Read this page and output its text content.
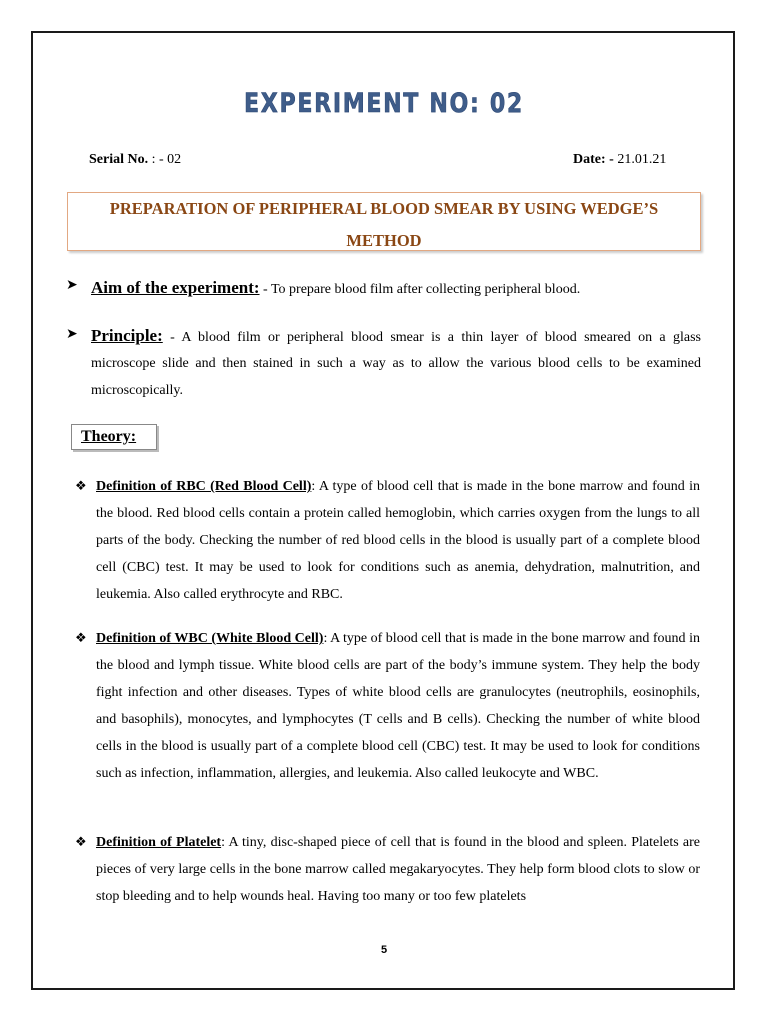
EXPERIMENT NO: 02
Serial No. : - 02	Date: - 21.01.21
PREPARATION OF PERIPHERAL BLOOD SMEAR BY USING WEDGE’S
METHOD
➤ Aim of the experiment: - To prepare blood film after collecting peripheral blood.
➤ Principle: - A blood film or peripheral blood smear is a thin layer of blood smeared on a glass
microscope slide and then stained in such a way as to allow the various blood cells to be examined
microscopically.
Theory:
❖ Definition of RBC (Red Blood Cell): A type of blood cell that is made in the bone marrow and found in the blood. Red blood cells contain a protein called hemoglobin, which carries oxygen from the lungs to all parts of the body. Checking the number of red blood cells in the blood is usually part of a complete blood cell (CBC) test. It may be used to look for conditions such as anemia, dehydration, malnutrition, and leukemia. Also called erythrocyte and RBC.
❖ Definition of WBC (White Blood Cell): A type of blood cell that is made in the bone marrow and found in the blood and lymph tissue. White blood cells are part of the body’s immune system. They help the body fight infection and other diseases. Types of white blood cells are granulocytes (neutrophils, eosinophils, and basophils), monocytes, and lymphocytes (T cells and B cells). Checking the number of white blood cells in the blood is usually part of a complete blood cell (CBC) test. It may be used to look for conditions such as infection, inflammation, allergies, and leukemia. Also called leukocyte and WBC.
❖ Definition of Platelet: A tiny, disc-shaped piece of cell that is found in the blood and spleen. Platelets are pieces of very large cells in the bone marrow called megakaryocytes. They help form blood clots to slow or stop bleeding and to help wounds heal. Having too many or too few platelets
5
